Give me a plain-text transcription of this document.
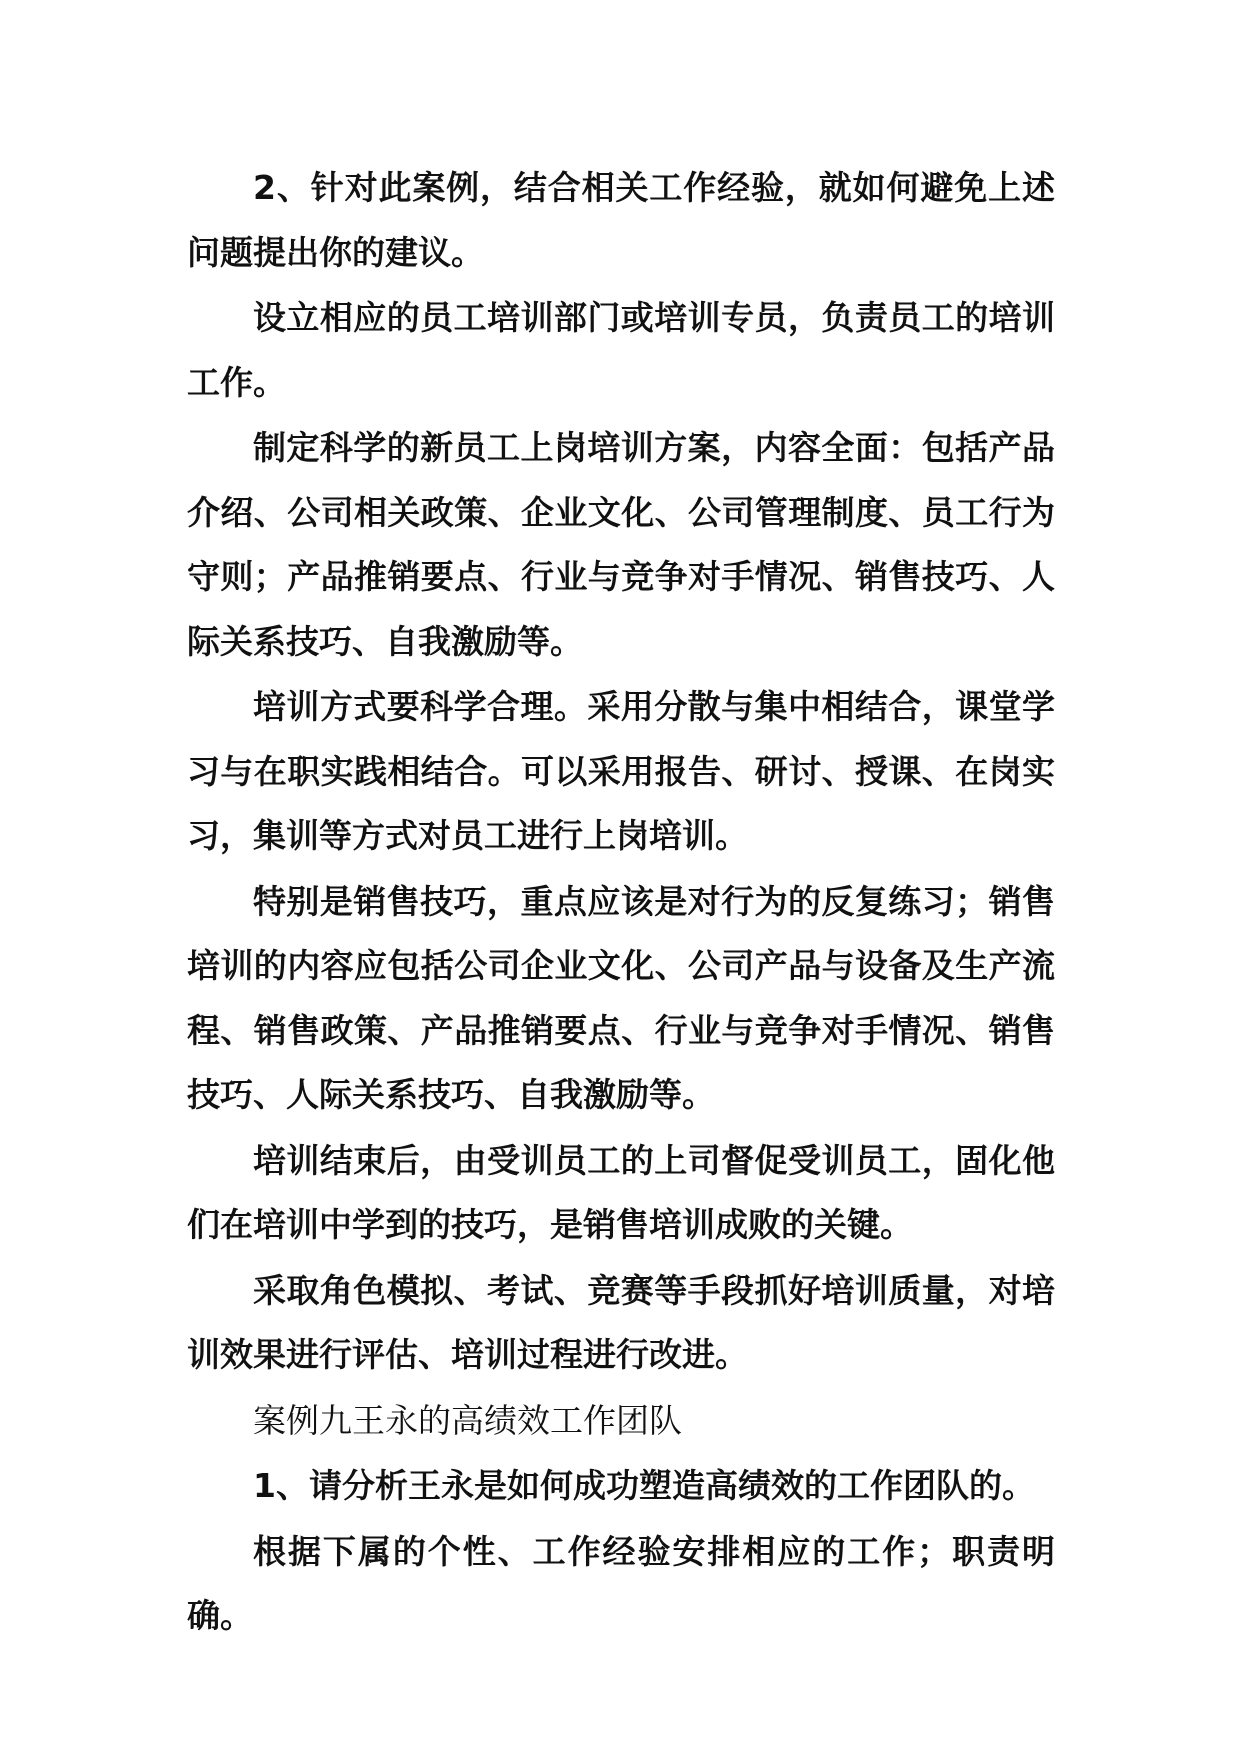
2、针对此案例，结合相关工作经验，就如何避免上述问题提出你的建议。

设立相应的员工培训部门或培训专员，负责员工的培训工作。

制定科学的新员工上岗培训方案，内容全面：包括产品介绍、公司相关政策、企业文化、公司管理制度、员工行为守则；产品推销要点、行业与竞争对手情况、销售技巧、人际关系技巧、自我激励等。

培训方式要科学合理。采用分散与集中相结合，课堂学习与在职实践相结合。可以采用报告、研讨、授课、在岗实习，集训等方式对员工进行上岗培训。

特别是销售技巧，重点应该是对行为的反复练习；销售培训的内容应包括公司企业文化、公司产品与设备及生产流程、销售政策、产品推销要点、行业与竞争对手情况、销售技巧、人际关系技巧、自我激励等。

培训结束后，由受训员工的上司督促受训员工，固化他们在培训中学到的技巧，是销售培训成败的关键。

采取角色模拟、考试、竞赛等手段抓好培训质量，对培训效果进行评估、培训过程进行改进。

案例九王永的高绩效工作团队

1、请分析王永是如何成功塑造高绩效的工作团队的。

根据下属的个性、工作经验安排相应的工作；职责明确。
